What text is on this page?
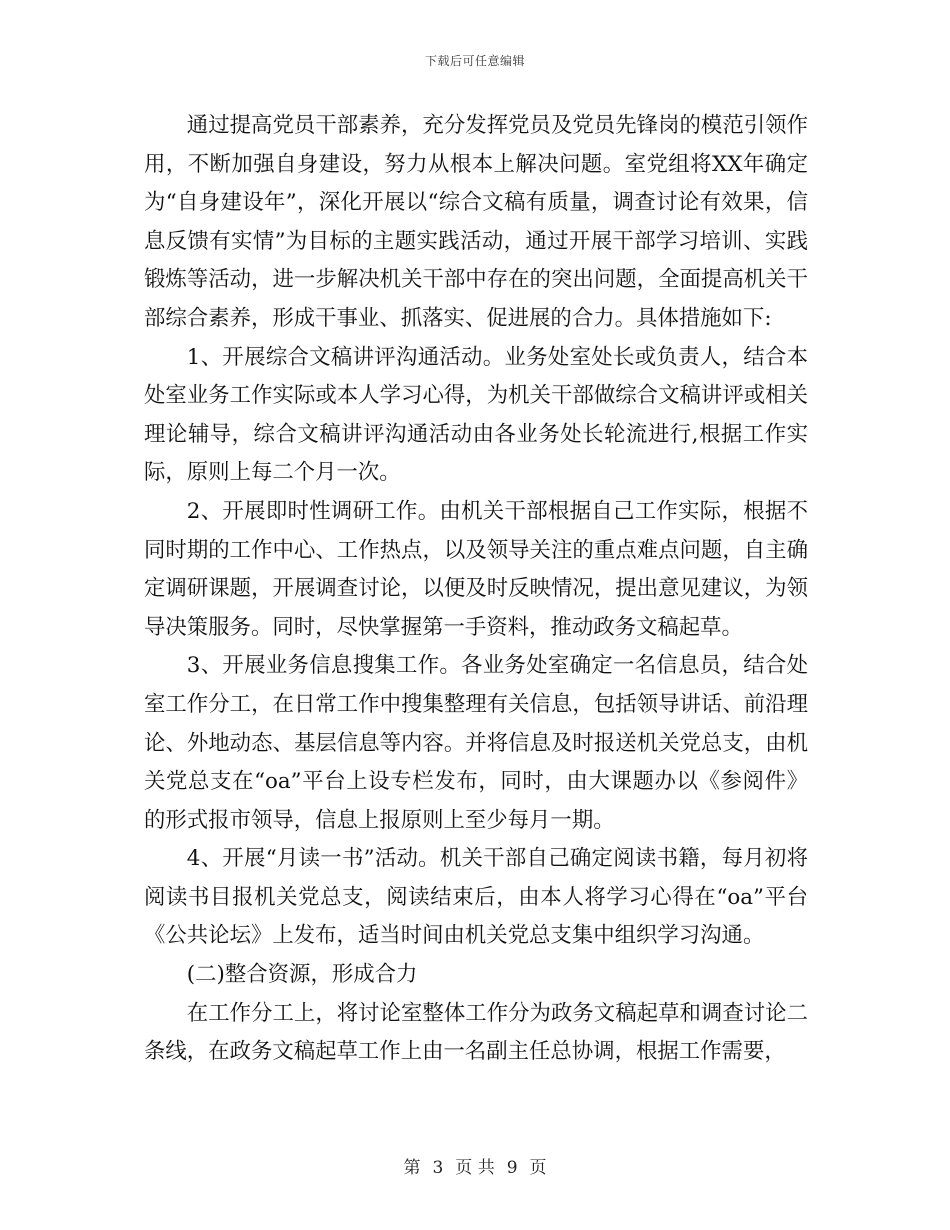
下载后可任意编辑

通过提高党员干部素养，充分发挥党员及党员先锋岗的模范引领作用，不断加强自身建设，努力从根本上解决问题。室党组将XX年确定为“自身建设年”，深化开展以“综合文稿有质量，调查讨论有效果，信息反馈有实情”为目标的主题实践活动，通过开展干部学习培训、实践锻炼等活动，进一步解决机关干部中存在的突出问题，全面提高机关干部综合素养，形成干事业、抓落实、促进展的合力。具体措施如下:

1、开展综合文稿讲评沟通活动。业务处室处长或负责人，结合本处室业务工作实际或本人学习心得，为机关干部做综合文稿讲评或相关理论辅导，综合文稿讲评沟通活动由各业务处长轮流进行,根据工作实际，原则上每二个月一次。

2、开展即时性调研工作。由机关干部根据自己工作实际，根据不同时期的工作中心、工作热点，以及领导关注的重点难点问题，自主确定调研课题，开展调查讨论，以便及时反映情况，提出意见建议，为领导决策服务。同时，尽快掌握第一手资料，推动政务文稿起草。

3、开展业务信息搜集工作。各业务处室确定一名信息员，结合处室工作分工，在日常工作中搜集整理有关信息，包括领导讲话、前沿理论、外地动态、基层信息等内容。并将信息及时报送机关党总支，由机关党总支在“oa”平台上设专栏发布，同时，由大课题办以《参阅件》的形式报市领导，信息上报原则上至少每月一期。

4、开展“月读一书”活动。机关干部自己确定阅读书籍，每月初将阅读书目报机关党总支，阅读结束后，由本人将学习心得在“oa”平台《公共论坛》上发布，适当时间由机关党总支集中组织学习沟通。

(二)整合资源，形成合力

在工作分工上，将讨论室整体工作分为政务文稿起草和调查讨论二条线，在政务文稿起草工作上由一名副主任总协调，根据工作需要，

第 3 页 共 9 页
